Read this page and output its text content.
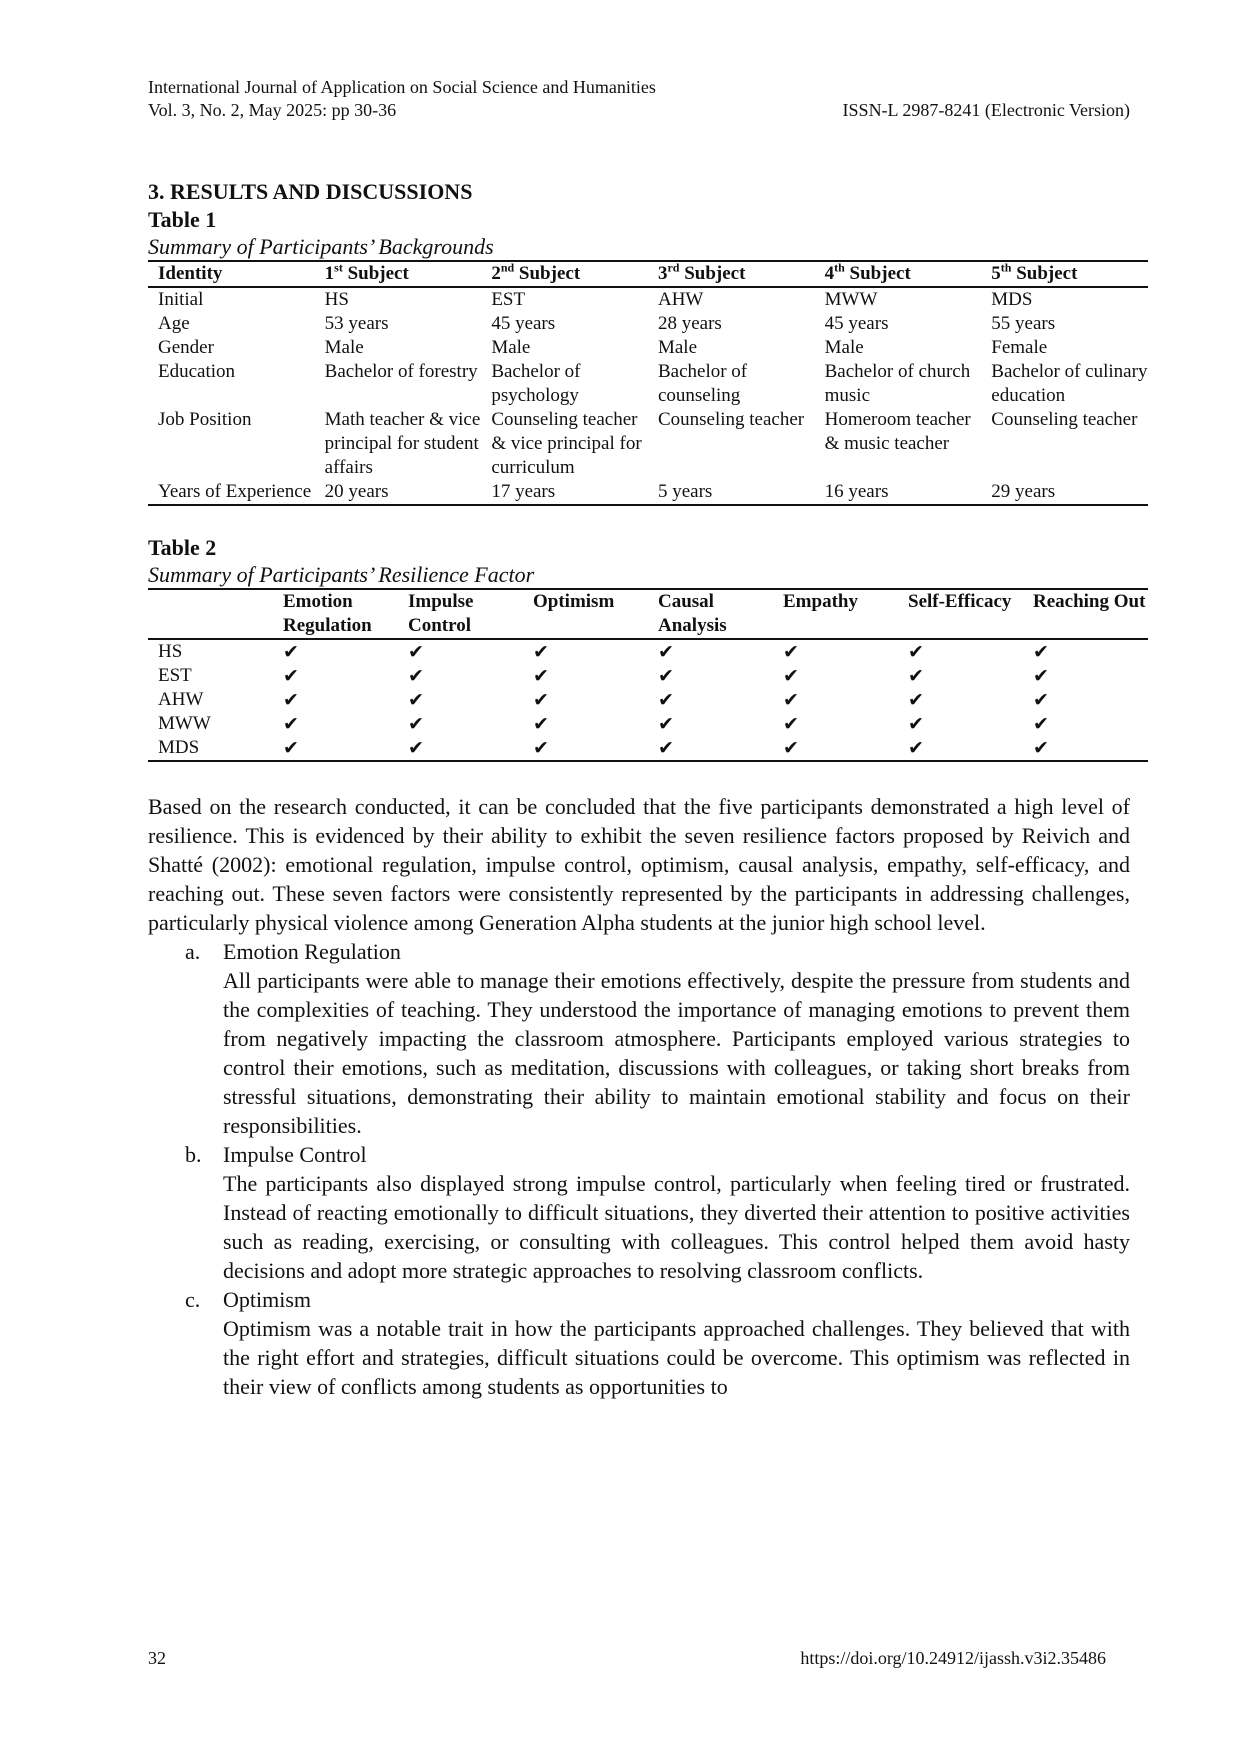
International Journal of Application on Social Science and Humanities
Vol. 3, No. 2, May 2025: pp 30-36	ISSN-L 2987-8241 (Electronic Version)
3. RESULTS AND DISCUSSIONS
Table 1
Summary of Participants’ Backgrounds
Identity	1st Subject	2nd Subject	3rd Subject	4th Subject	5th Subject
Initial	HS	EST	AHW	MWW	MDS
Age	53 years	45 years	28 years	45 years	55 years
Gender	Male	Male	Male	Male	Female
Education	Bachelor of forestry	Bachelor of psychology	Bachelor of counseling	Bachelor of church music	Bachelor of culinary education
Job Position	Math teacher & vice principal for student affairs	Counseling teacher & vice principal for curriculum	Counseling teacher	Homeroom teacher & music teacher	Counseling teacher
Years of Experience	20 years	17 years	5 years	16 years	29 years
Table 2
Summary of Participants’ Resilience Factor
	Emotion Regulation	Impulse Control	Optimism	Causal Analysis	Empathy	Self-Efficacy	Reaching Out
HS	✔	✔	✔	✔	✔	✔	✔
EST	✔	✔	✔	✔	✔	✔	✔
AHW	✔	✔	✔	✔	✔	✔	✔
MWW	✔	✔	✔	✔	✔	✔	✔
MDS	✔	✔	✔	✔	✔	✔	✔

Based on the research conducted, it can be concluded that the five participants demonstrated a high level of resilience. This is evidenced by their ability to exhibit the seven resilience factors proposed by Reivich and Shatté (2002): emotional regulation, impulse control, optimism, causal analysis, empathy, self-efficacy, and reaching out. These seven factors were consistently represented by the participants in addressing challenges, particularly physical violence among Generation Alpha students at the junior high school level.

a. Emotion Regulation
All participants were able to manage their emotions effectively, despite the pressure from students and the complexities of teaching. They understood the importance of managing emotions to prevent them from negatively impacting the classroom atmosphere. Participants employed various strategies to control their emotions, such as meditation, discussions with colleagues, or taking short breaks from stressful situations, demonstrating their ability to maintain emotional stability and focus on their responsibilities.
b. Impulse Control
The participants also displayed strong impulse control, particularly when feeling tired or frustrated. Instead of reacting emotionally to difficult situations, they diverted their attention to positive activities such as reading, exercising, or consulting with colleagues. This control helped them avoid hasty decisions and adopt more strategic approaches to resolving classroom conflicts.
c. Optimism
Optimism was a notable trait in how the participants approached challenges. They believed that with the right effort and strategies, difficult situations could be overcome. This optimism was reflected in their view of conflicts among students as opportunities to
32	https://doi.org/10.24912/ijassh.v3i2.35486
